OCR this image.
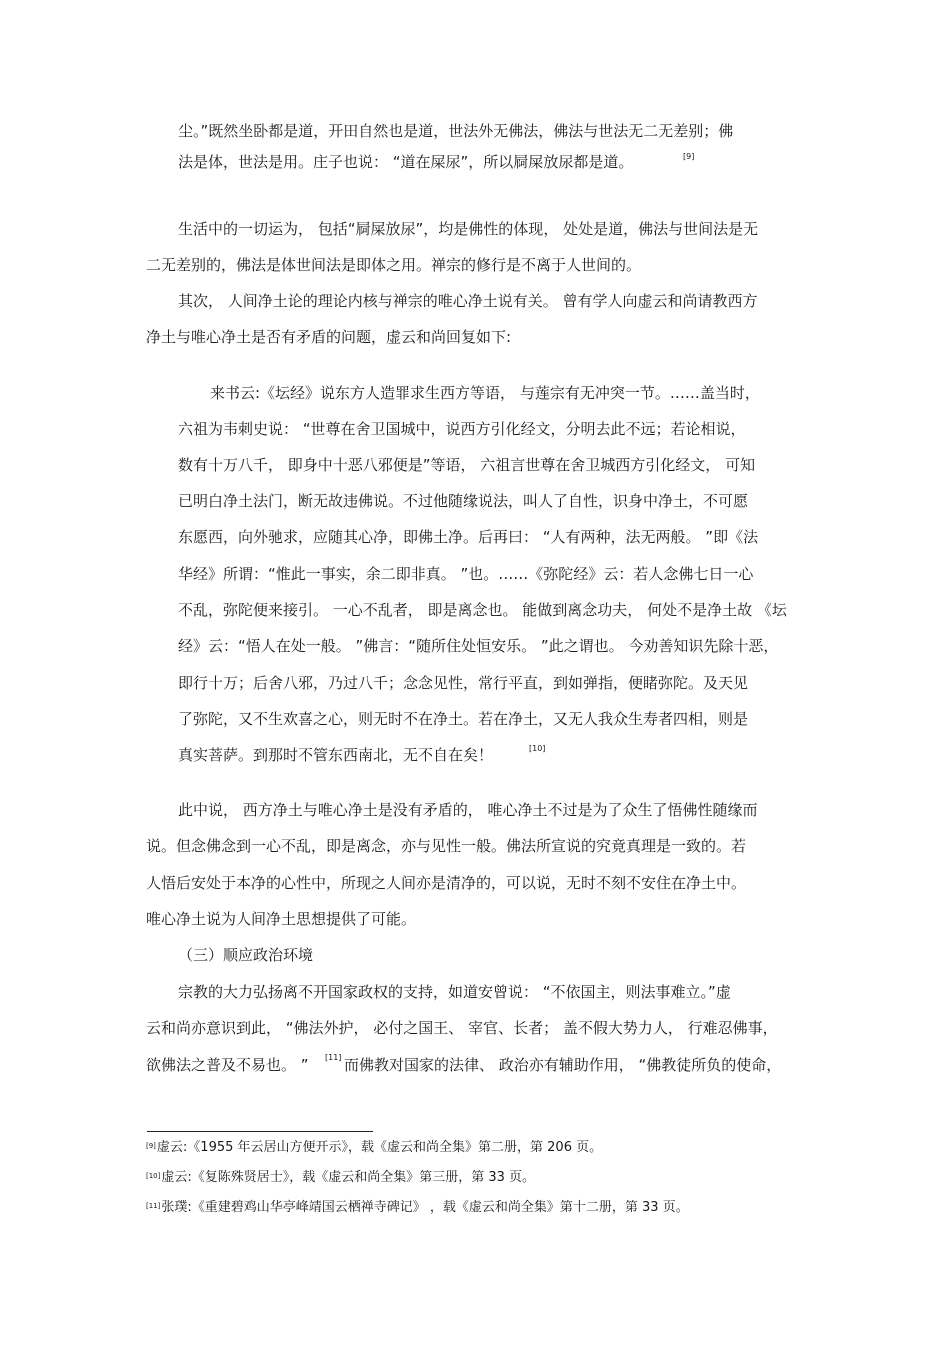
尘。”既然坐卧都是道，开田自然也是道，世法外无佛法，佛法与世法无二无差别；佛
法是体，世法是用。庄子也说： “道在屎尿”，所以屙屎放尿都是道。	[9]
生活中的一切运为， 包括“屙屎放尿”，均是佛性的体现， 处处是道，佛法与世间法是无
二无差别的，佛法是体世间法是即体之用。禅宗的修行是不离于人世间的。
其次， 人间净土论的理论内核与禅宗的唯心净土说有关。 曾有学人向虚云和尚请教西方
净土与唯心净土是否有矛盾的问题，虚云和尚回复如下:
来书云:《坛经》说东方人造罪求生西方等语， 与莲宗有无冲突一节。……盖当时，
六祖为韦刺史说： “世尊在舍卫国城中，说西方引化经文，分明去此不远；若论相说，
数有十万八千， 即身中十恶八邪便是”等语， 六祖言世尊在舍卫城西方引化经文， 可知
已明白净土法门，断无故违佛说。不过他随缘说法，叫人了自性，识身中净土，不可愿
东愿西，向外驰求，应随其心净，即佛土净。后再曰： “人有两种，法无两般。 ”即《法
华经》所谓：“惟此一事实，余二即非真。 ”也。……《弥陀经》云：若人念佛七日一心
不乱，弥陀便来接引。 一心不乱者， 即是离念也。 能做到离念功夫， 何处不是净土故 《坛
经》云：“悟人在处一般。 ”佛言：“随所住处恒安乐。 ”此之谓也。 今劝善知识先除十恶，
即行十万；后舍八邪，乃过八千；念念见性，常行平直，到如弹指，便睹弥陀。及天见
了弥陀，又不生欢喜之心，则无时不在净土。若在净土，又无人我众生寿者四相，则是
真实菩萨。到那时不管东西南北，无不自在矣！	[10]
此中说， 西方净土与唯心净土是没有矛盾的， 唯心净土不过是为了众生了悟佛性随缘而
说。但念佛念到一心不乱，即是离念，亦与见性一般。佛法所宣说的究竟真理是一致的。若
人悟后安处于本净的心性中，所现之人间亦是清净的，可以说，无时不刻不安住在净土中。
唯心净土说为人间净土思想提供了可能。
（三）顺应政治环境
宗教的大力弘扬离不开国家政权的支持，如道安曾说： “不依国主，则法事难立。”虚
云和尚亦意识到此， “佛法外护， 必付之国王、 宰官、长者； 盖不假大势力人， 行难忍佛事，
欲佛法之普及不易也。 ” [11] 而佛教对国家的法律、 政治亦有辅助作用， “佛教徒所负的使命，
[9]虚云:《1955 年云居山方便开示》，载《虚云和尚全集》第二册，第 206 页。
[10]虚云:《复陈殊贤居士》，载《虚云和尚全集》第三册，第 33 页。
[11]张璞:《重建碧鸡山华亭峰靖国云栖禅寺碑记》 ，载《虚云和尚全集》第十二册，第 33 页。
